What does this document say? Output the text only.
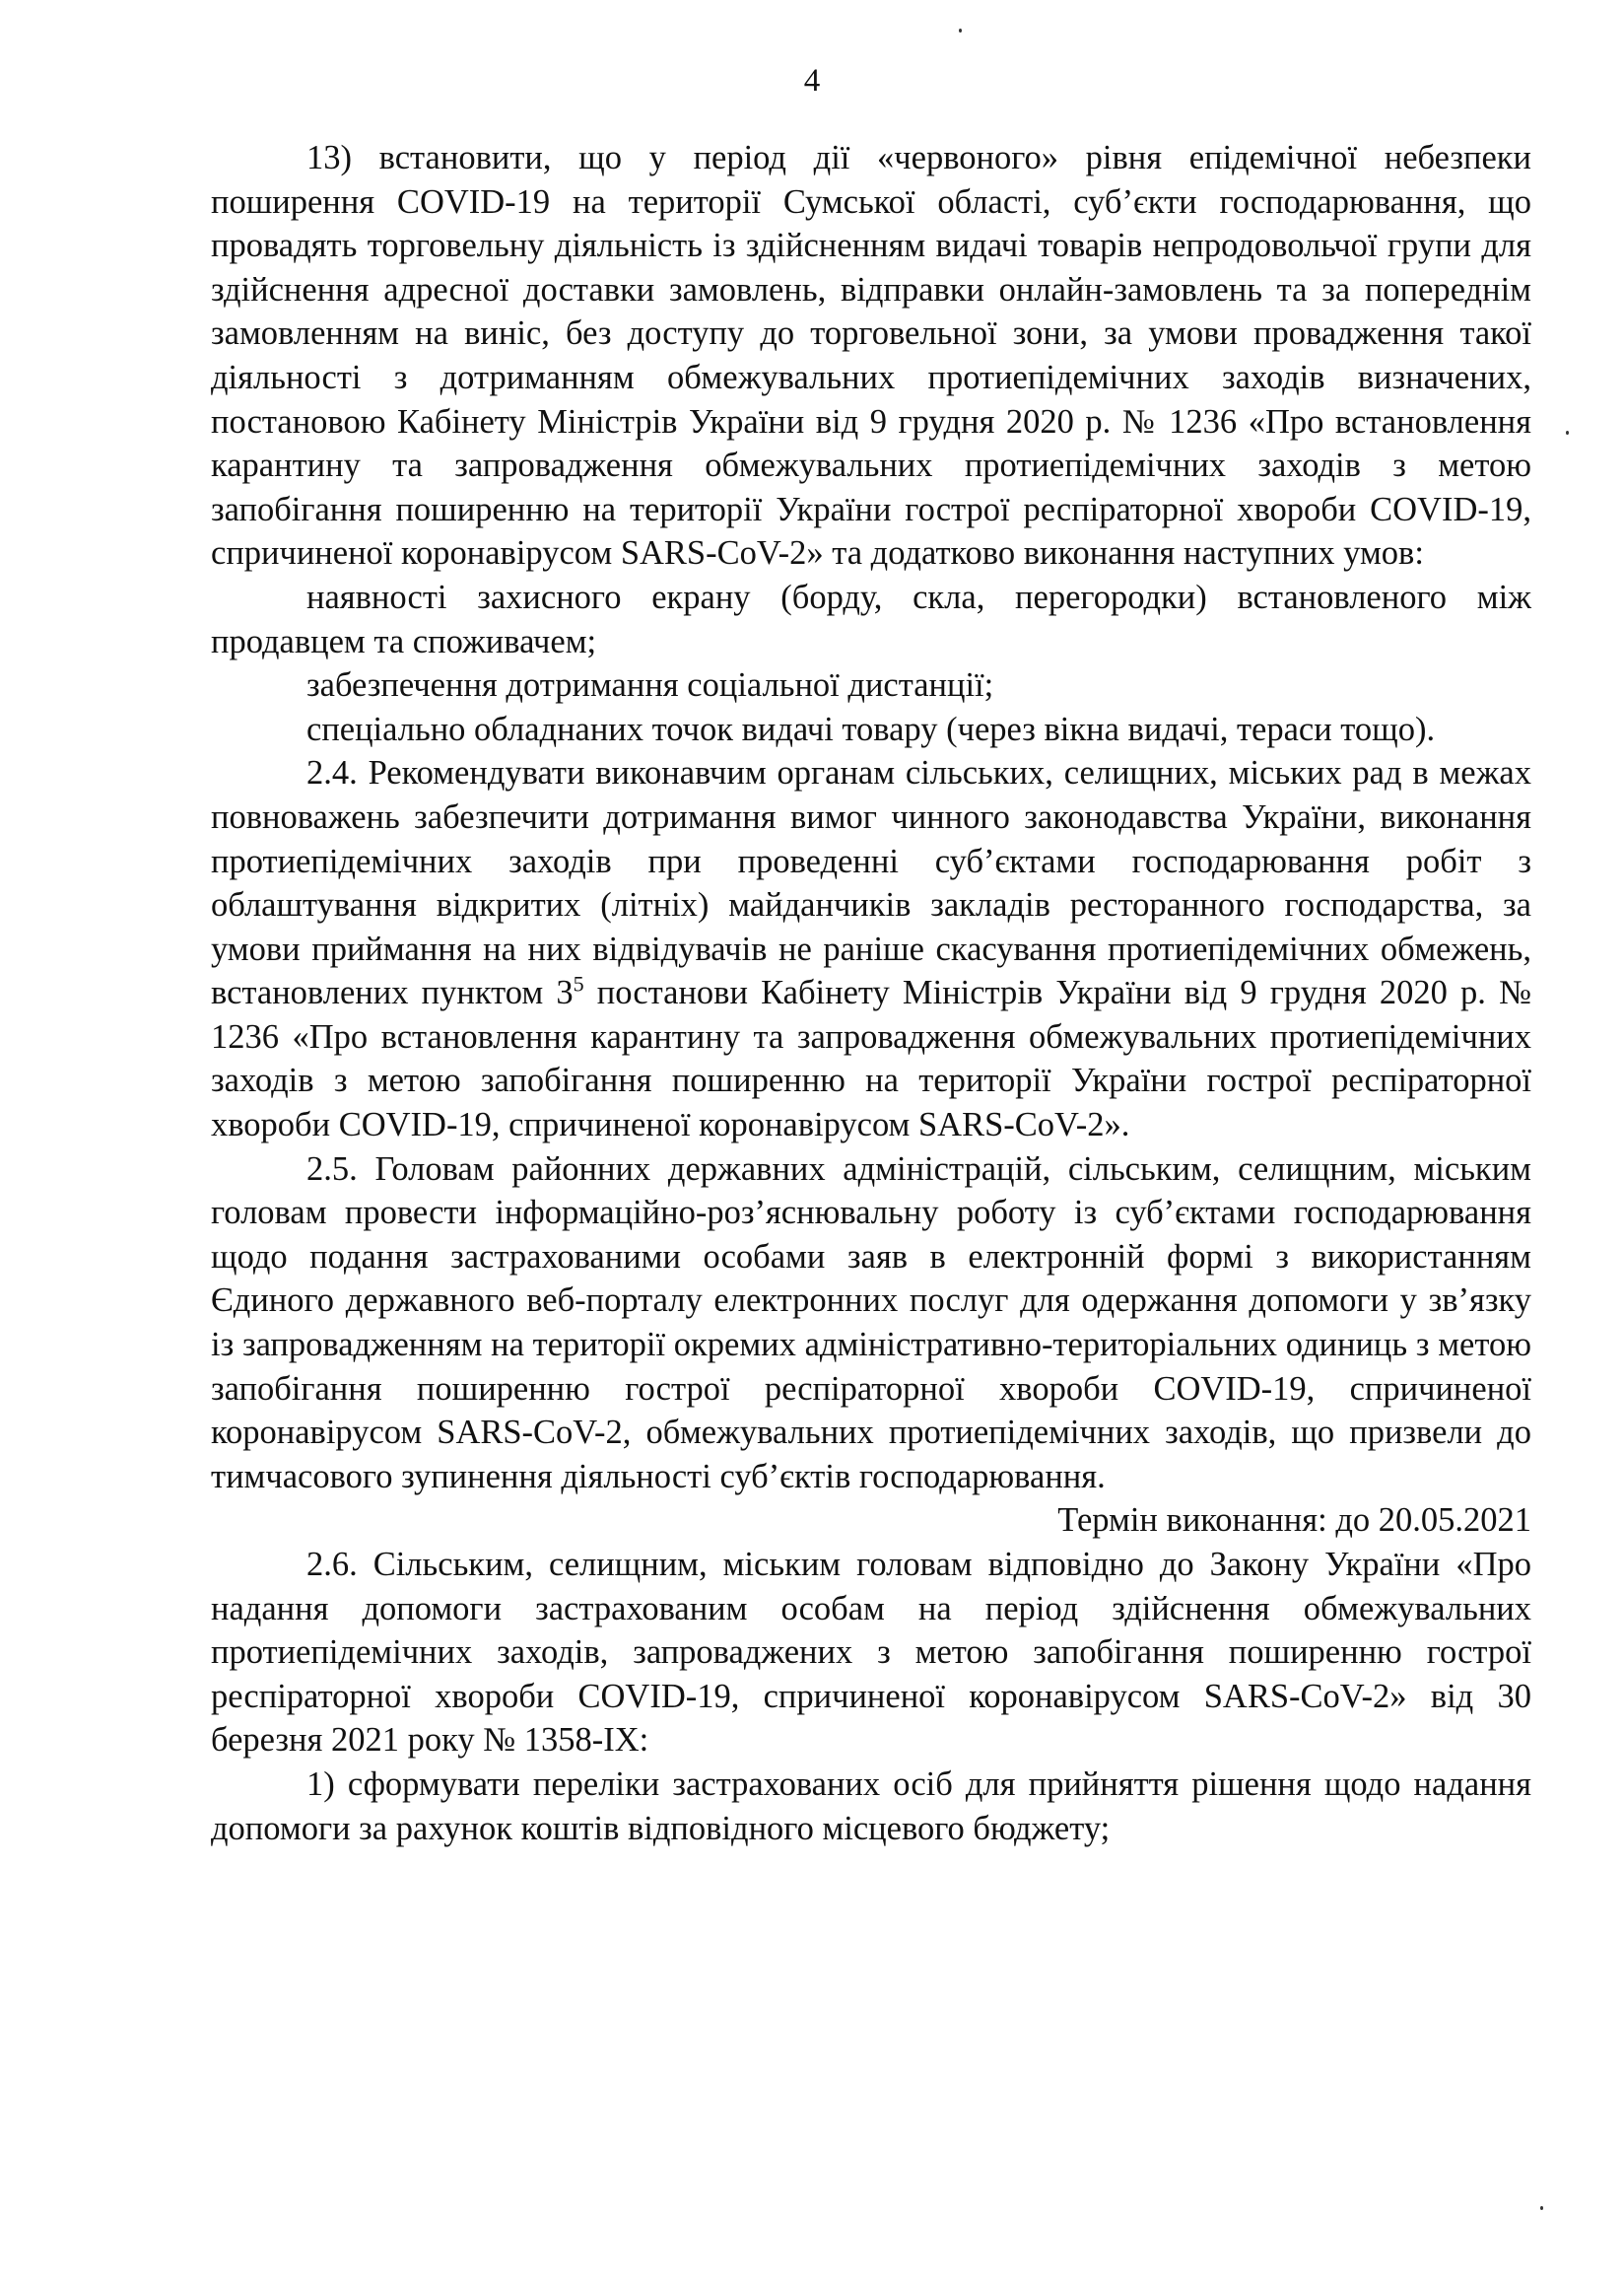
4

13) встановити, що у період дії «червоного» рівня епідемічної небезпеки поширення COVID-19 на території Сумської області, суб’єкти господарювання, що провадять торговельну діяльність із здійсненням видачі товарів непродовольчої групи для здійснення адресної доставки замовлень, відправки онлайн-замовлень та за попереднім замовленням на виніс, без доступу до торговельної зони, за умови провадження такої діяльності з дотриманням обмежувальних протиепідемічних заходів визначених, постановою Кабінету Міністрів України від 9 грудня 2020 р. № 1236 «Про встановлення карантину та запровадження обмежувальних протиепідемічних заходів з метою запобігання поширенню на території України гострої респіраторної хвороби COVID-19, спричиненої коронавірусом SARS-CoV-2» та додатково виконання наступних умов:

наявності захисного екрану (борду, скла, перегородки) встановленого між продавцем та споживачем;

забезпечення дотримання соціальної дистанції;

спеціально обладнаних точок видачі товару (через вікна видачі, тераси тощо).

2.4. Рекомендувати виконавчим органам сільських, селищних, міських рад в межах повноважень забезпечити дотримання вимог чинного законодавства України, виконання протиепідемічних заходів при проведенні суб’єктами господарювання робіт з облаштування відкритих (літніх) майданчиків закладів ресторанного господарства, за умови приймання на них відвідувачів не раніше скасування протиепідемічних обмежень, встановлених пунктом $3^5$ постанови Кабінету Міністрів України від 9 грудня 2020 р. № 1236 «Про встановлення карантину та запровадження обмежувальних протиепідемічних заходів з метою запобігання поширенню на території України гострої респіраторної хвороби COVID-19, спричиненої коронавірусом SARS-CoV-2».

2.5. Головам районних державних адміністрацій, сільським, селищним, міським головам провести інформаційно-роз’яснювальну роботу із суб’єктами господарювання щодо подання застрахованими особами заяв в електронній формі з використанням Єдиного державного веб-порталу електронних послуг для одержання допомоги у зв’язку із запровадженням на території окремих адміністративно-територіальних одиниць з метою запобігання поширенню гострої респіраторної хвороби COVID-19, спричиненої коронавірусом SARS-CoV-2, обмежувальних протиепідемічних заходів, що призвели до тимчасового зупинення діяльності суб’єктів господарювання.

Термін виконання: до 20.05.2021

2.6. Сільським, селищним, міським головам відповідно до Закону України «Про надання допомоги застрахованим особам на період здійснення обмежувальних протиепідемічних заходів, запроваджених з метою запобігання поширенню гострої респіраторної хвороби COVID-19, спричиненої коронавірусом SARS-CoV-2» від 30 березня 2021 року № 1358-IX:

1) сформувати переліки застрахованих осіб для прийняття рішення щодо надання допомоги за рахунок коштів відповідного місцевого бюджету;
